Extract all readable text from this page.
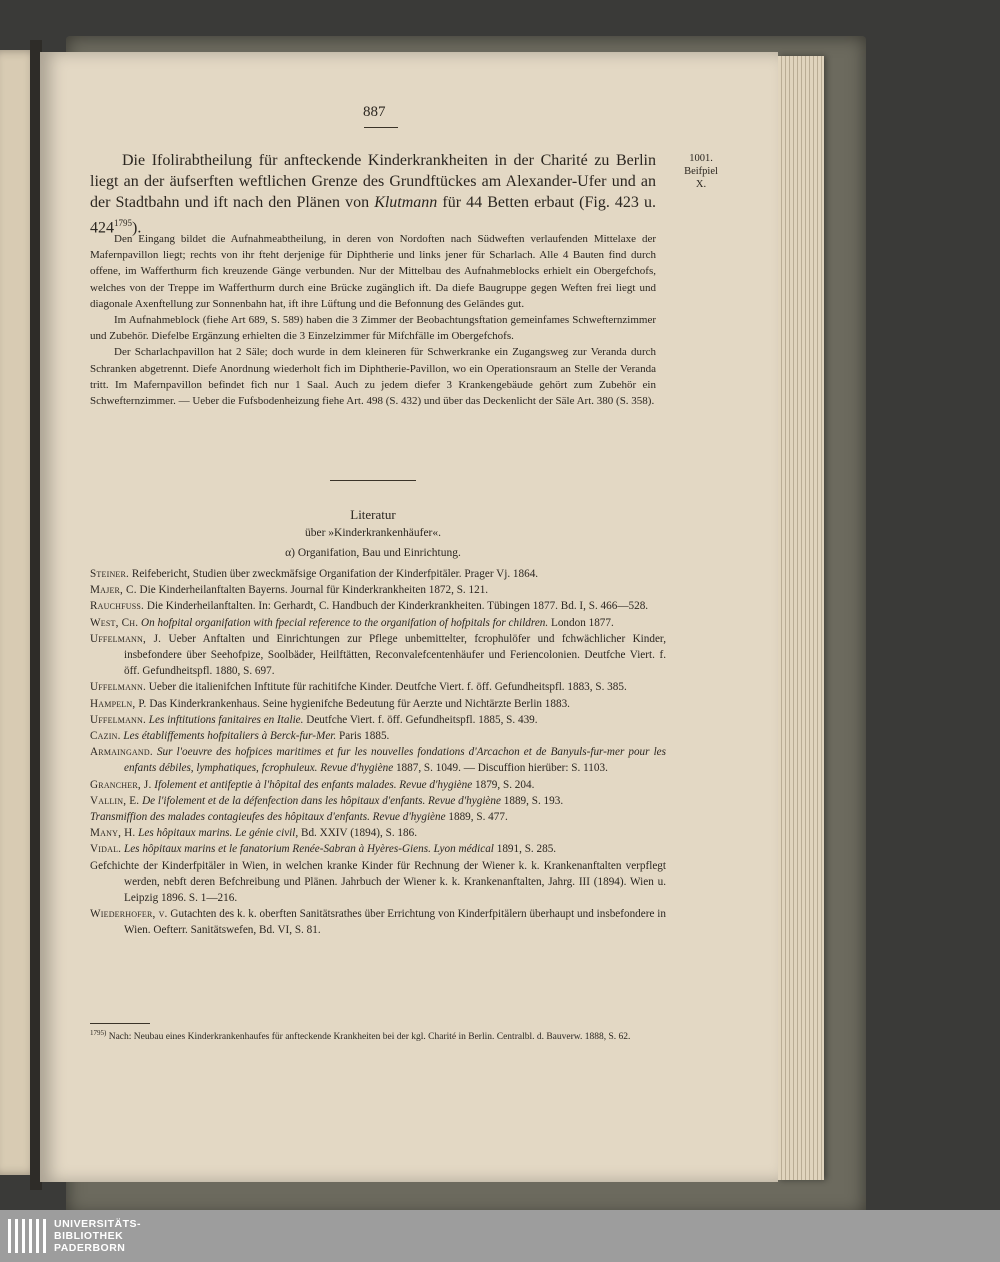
887
1001.
Beifpiel
X.
Die Ifolirabtheilung für anfteckende Kinderkrankheiten in der Charité zu Berlin liegt an der äufserften weftlichen Grenze des Grundftückes am Alexander-Ufer und an der Stadtbahn und ift nach den Plänen von Klutmann für 44 Betten erbaut (Fig. 423 u. $424^{1795}$).

Den Eingang bildet die Aufnahmeabtheilung, in deren von Nordoften nach Südweften verlaufenden Mittelaxe der Mafernpavillon liegt; rechts von ihr fteht derjenige für Diphtherie und links jener für Scharlach. Alle 4 Bauten find durch offene, im Wafferthurm fich kreuzende Gänge verbunden. Nur der Mittelbau des Aufnahmeblocks erhielt ein Obergefchofs, welches von der Treppe im Wafferthurm durch eine Brücke zugänglich ift. Da diefe Baugruppe gegen Weften frei liegt und diagonale Axenftellung zur Sonnenbahn hat, ift ihre Lüftung und die Befonnung des Geländes gut.

Im Aufnahmeblock (fiehe Art 689, S. 589) haben die 3 Zimmer der Beobachtungsftation gemeinfames Schwefternzimmer und Zubehör. Diefelbe Ergänzung erhielten die 3 Einzelzimmer für Mifchfälle im Obergefchofs.

Der Scharlachpavillon hat 2 Säle; doch wurde in dem kleineren für Schwerkranke ein Zugangsweg zur Veranda durch Schranken abgetrennt. Diefe Anordnung wiederholt fich im Diphtherie-Pavillon, wo ein Operationsraum an Stelle der Veranda tritt. Im Mafernpavillon befindet fich nur 1 Saal. Auch zu jedem diefer 3 Krankengebäude gehört zum Zubehör ein Schwefternzimmer. — Ueber die Fufsbodenheizung fiehe Art. 498 (S. 432) und über das Deckenlicht der Säle Art. 380 (S. 358).

Literatur
über »Kinderkrankenhäufer«.
α) Organifation, Bau und Einrichtung.
Steiner. Reifebericht, Studien über zweckmäfsige Organifation der Kinderfpitäler. Prager Vj. 1864.
Majer, C. Die Kinderheilanftalten Bayerns. Journal für Kinderkrankheiten 1872, S. 121.
Rauchfuss. Die Kinderheilanftalten. In: Gerhardt, C. Handbuch der Kinderkrankheiten. Tübingen 1877. Bd. I, S. 466—528.
West, Ch. On hofpital organifation with fpecial reference to the organifation of hofpitals for children. London 1877.
Uffelmann, J. Ueber Anftalten und Einrichtungen zur Pflege unbemittelter, fcrophulöfer und fchwächlicher Kinder, insbefondere über Seehofpize, Soolbäder, Heilftätten, Reconvalefcentenhäufer und Feriencolonien. Deutfche Viert. f. öff. Gefundheitspfl. 1880, S. 697.
Uffelmann. Ueber die italienifchen Inftitute für rachitifche Kinder. Deutfche Viert. f. öff. Gefundheitspfl. 1883, S. 385.
Hampeln, P. Das Kinderkrankenhaus. Seine hygienifche Bedeutung für Aerzte und Nichtärzte Berlin 1883.
Uffelmann. Les inftitutions fanitaires en Italie. Deutfche Viert. f. öff. Gefundheitspfl. 1885, S. 439.
Cazin. Les établiffements hofpitaliers à Berck-fur-Mer. Paris 1885.
Armaingand. Sur l'oeuvre des hofpices maritimes et fur les nouvelles fondations d'Arcachon et de Banyuls-fur-mer pour les enfants débiles, lymphatiques, fcrophuleux. Revue d'hygiène 1887, S. 1049. — Discuffion hierüber: S. 1103.
Grancher, J. Ifolement et antifeptie à l'hôpital des enfants malades. Revue d'hygiène 1879, S. 204.
Vallin, E. De l'ifolement et de la défenfection dans les hôpitaux d'enfants. Revue d'hygiène 1889, S. 193.
Transmiffion des malades contagieufes des hôpitaux d'enfants. Revue d'hygiène 1889, S. 477.
Many, H. Les hôpitaux marins. Le génie civil, Bd. XXIV (1894), S. 186.
Vidal. Les hôpitaux marins et le fanatorium Renée-Sabran à Hyères-Giens. Lyon médical 1891, S. 285.
Gefchichte der Kinderfpitäler in Wien, in welchen kranke Kinder für Rechnung der Wiener k. k. Krankenanftalten verpflegt werden, nebft deren Befchreibung und Plänen. Jahrbuch der Wiener k. k. Krankenanftalten, Jahrg. III (1894). Wien u. Leipzig 1896. S. 1—216.
Wiederhofer, v. Gutachten des k. k. oberften Sanitätsrathes über Errichtung von Kinderfpitälern überhaupt und insbefondere in Wien. Oefterr. Sanitätswefen, Bd. VI, S. 81.
$^{1795)}$ Nach: Neubau eines Kinderkrankenhaufes für anfteckende Krankheiten bei der kgl. Charité in Berlin. Centralbl. d. Bauverw. 1888, S. 62.
UNIVERSITÄTS-
BIBLIOTHEK
PADERBORN
